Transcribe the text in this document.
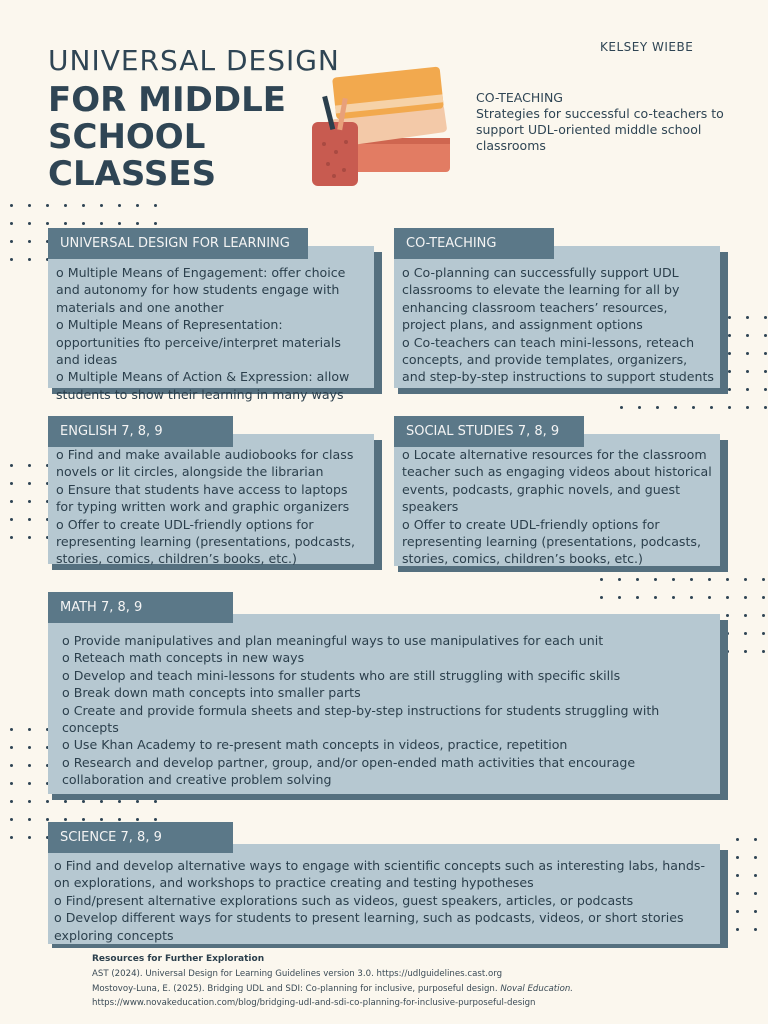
UNIVERSAL DESIGN
FOR MIDDLE SCHOOL CLASSES
KELSEY WIEBE
CO-TEACHING
Strategies for successful co-teachers to support UDL-oriented middle school classrooms
o Multiple Means of Engagement: offer choice and autonomy for how students engage with materials and one another
o Multiple Means of Representation: opportunities fto perceive/interpret materials and ideas
o Multiple Means of Action & Expression: allow students to show their learning in many ways
UNIVERSAL DESIGN FOR LEARNING
o Co-planning can successfully support UDL classrooms to elevate the learning for all by enhancing classroom teachers’ resources, project plans, and assignment options
o Co-teachers can teach mini-lessons, reteach concepts, and provide templates, organizers, and step-by-step instructions to support students
CO-TEACHING
o Find and make available audiobooks for class novels or lit circles, alongside the librarian
o Ensure that students have access to laptops for typing written work and graphic organizers
o Offer to create UDL-friendly options for representing learning (presentations, podcasts, stories, comics, children’s books, etc.)
ENGLISH 7, 8, 9
o Locate alternative resources for the classroom teacher such as engaging videos about historical events, podcasts, graphic novels, and guest speakers
o Offer to create UDL-friendly options for representing learning (presentations, podcasts, stories, comics, children’s books, etc.)
SOCIAL STUDIES 7, 8, 9
o Provide manipulatives and plan meaningful ways to use manipulatives for each unit
o Reteach math concepts in new ways
o Develop and teach mini-lessons for students who are still struggling with specific skills
o Break down math concepts into smaller parts
o Create and provide formula sheets and step-by-step instructions for students struggling with concepts
o Use Khan Academy to re-present math concepts in videos, practice, repetition
o Research and develop partner, group, and/or open-ended math activities that encourage collaboration and creative problem solving
MATH 7, 8, 9
o Find and develop alternative ways to engage with scientific concepts such as interesting labs, hands-on explorations, and workshops to practice creating and testing hypotheses
o Find/present alternative explorations such as videos, guest speakers, articles, or podcasts
o Develop different ways for students to present learning, such as podcasts, videos, or short stories exploring concepts
SCIENCE 7, 8, 9
Resources for Further Exploration
AST (2024). Universal Design for Learning Guidelines version 3.0. https://udlguidelines.cast.org
Mostovoy-Luna, E. (2025). Bridging UDL and SDI: Co-planning for inclusive, purposeful design. Noval Education.
https://www.novakeducation.com/blog/bridging-udl-and-sdi-co-planning-for-inclusive-purposeful-design
